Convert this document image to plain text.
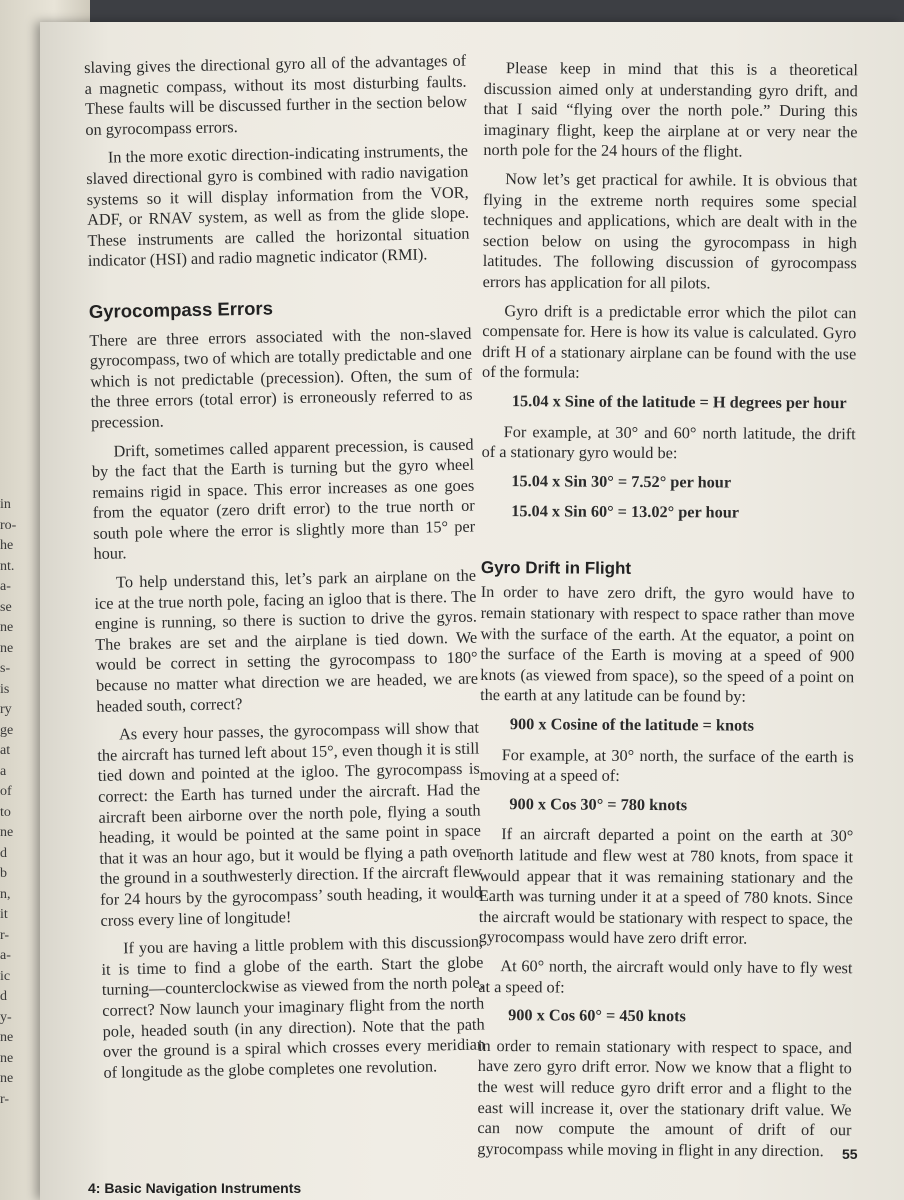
in
ro-
he
nt.
a-
se
ne
ne
s-
is
ry
ge
at
a
of
to
ne
d
b
n,
it
r-
a-
ic
d
y-
ne
ne
ne
r-

slaving gives the directional gyro all of the advantages of a magnetic compass, without its most disturbing faults. These faults will be discussed further in the section below on gyrocompass errors.

In the more exotic direction-indicating instruments, the slaved directional gyro is combined with radio navigation systems so it will display information from the VOR, ADF, or RNAV system, as well as from the glide slope. These instruments are called the horizontal situation indicator (HSI) and radio magnetic indicator (RMI).

Gyrocompass Errors

There are three errors associated with the non-slaved gyrocompass, two of which are totally predictable and one which is not predictable (precession). Often, the sum of the three errors (total error) is erroneously referred to as precession.

Drift, sometimes called apparent precession, is caused by the fact that the Earth is turning but the gyro wheel remains rigid in space. This error increases as one goes from the equator (zero drift error) to the true north or south pole where the error is slightly more than 15° per hour.

To help understand this, let’s park an airplane on the ice at the true north pole, facing an igloo that is there. The engine is running, so there is suction to drive the gyros. The brakes are set and the airplane is tied down. We would be correct in setting the gyrocompass to 180° because no matter what direction we are headed, we are headed south, correct?

As every hour passes, the gyrocompass will show that the aircraft has turned left about 15°, even though it is still tied down and pointed at the igloo. The gyrocompass is correct: the Earth has turned under the aircraft. Had the aircraft been airborne over the north pole, flying a south heading, it would be pointed at the same point in space that it was an hour ago, but it would be flying a path over the ground in a southwesterly direction. If the aircraft flew for 24 hours by the gyrocompass’ south heading, it would cross every line of longitude!

If you are having a little problem with this discussion, it is time to find a globe of the earth. Start the globe turning—counterclockwise as viewed from the north pole, correct? Now launch your imaginary flight from the north pole, headed south (in any direction). Note that the path over the ground is a spiral which crosses every meridian of longitude as the globe completes one revolution.

Please keep in mind that this is a theoretical discussion aimed only at understanding gyro drift, and that I said “flying over the north pole.” During this imaginary flight, keep the airplane at or very near the north pole for the 24 hours of the flight.

Now let’s get practical for awhile. It is obvious that flying in the extreme north requires some special techniques and applications, which are dealt with in the section below on using the gyrocompass in high latitudes. The following discussion of gyrocompass errors has application for all pilots.

Gyro drift is a predictable error which the pilot can compensate for. Here is how its value is calculated. Gyro drift H of a stationary airplane can be found with the use of the formula:

15.04 x Sine of the latitude = H degrees per hour

For example, at 30° and 60° north latitude, the drift of a stationary gyro would be:

15.04 x Sin 30° = 7.52° per hour

15.04 x Sin 60° = 13.02° per hour

Gyro Drift in Flight

In order to have zero drift, the gyro would have to remain stationary with respect to space rather than move with the surface of the earth. At the equator, a point on the surface of the Earth is moving at a speed of 900 knots (as viewed from space), so the speed of a point on the earth at any latitude can be found by:

900 x Cosine of the latitude = knots

For example, at 30° north, the surface of the earth is moving at a speed of:

900 x Cos 30° = 780 knots

If an aircraft departed a point on the earth at 30° north latitude and flew west at 780 knots, from space it would appear that it was remaining stationary and the Earth was turning under it at a speed of 780 knots. Since the aircraft would be stationary with respect to space, the gyrocompass would have zero drift error.

At 60° north, the aircraft would only have to fly west at a speed of:

900 x Cos 60° = 450 knots

in order to remain stationary with respect to space, and have zero gyro drift error. Now we know that a flight to the west will reduce gyro drift error and a flight to the east will increase it, over the stationary drift value. We can now compute the amount of drift of our gyrocompass while moving in flight in any direction.	55
4: Basic Navigation Instruments
